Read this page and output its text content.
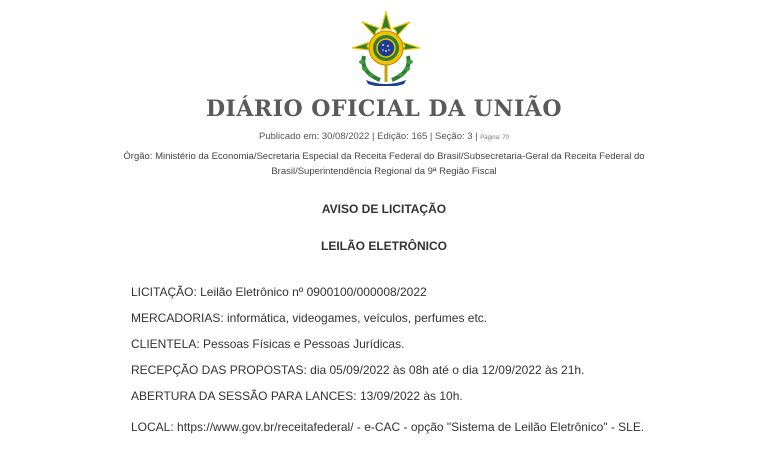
DIÁRIO OFICIAL DA UNIÃO
Publicado em: 30/08/2022 | Edição: 165 | Seção: 3 | Página: 70
Órgão: Ministério da Economia/Secretaria Especial da Receita Federal do Brasil/Subsecretaria-Geral da Receita Federal do
Brasil/Superintendência Regional da 9ª Região Fiscal
AVISO DE LICITAÇÃO
LEILÃO ELETRÔNICO
LICITAÇÃO: Leilão Eletrônico nº 0900100/000008/2022
MERCADORIAS: informática, videogames, veículos, perfumes etc.
CLIENTELA: Pessoas Físicas e Pessoas Jurídicas.
RECEPÇÃO DAS PROPOSTAS: dia 05/09/2022 às 08h até o dia 12/09/2022 às 21h.
ABERTURA DA SESSÃO PARA LANCES: 13/09/2022 às 10h.
LOCAL: https://www.gov.br/receitafederal/ - e-CAC - opção "Sistema de Leilão Eletrônico" - SLE.
